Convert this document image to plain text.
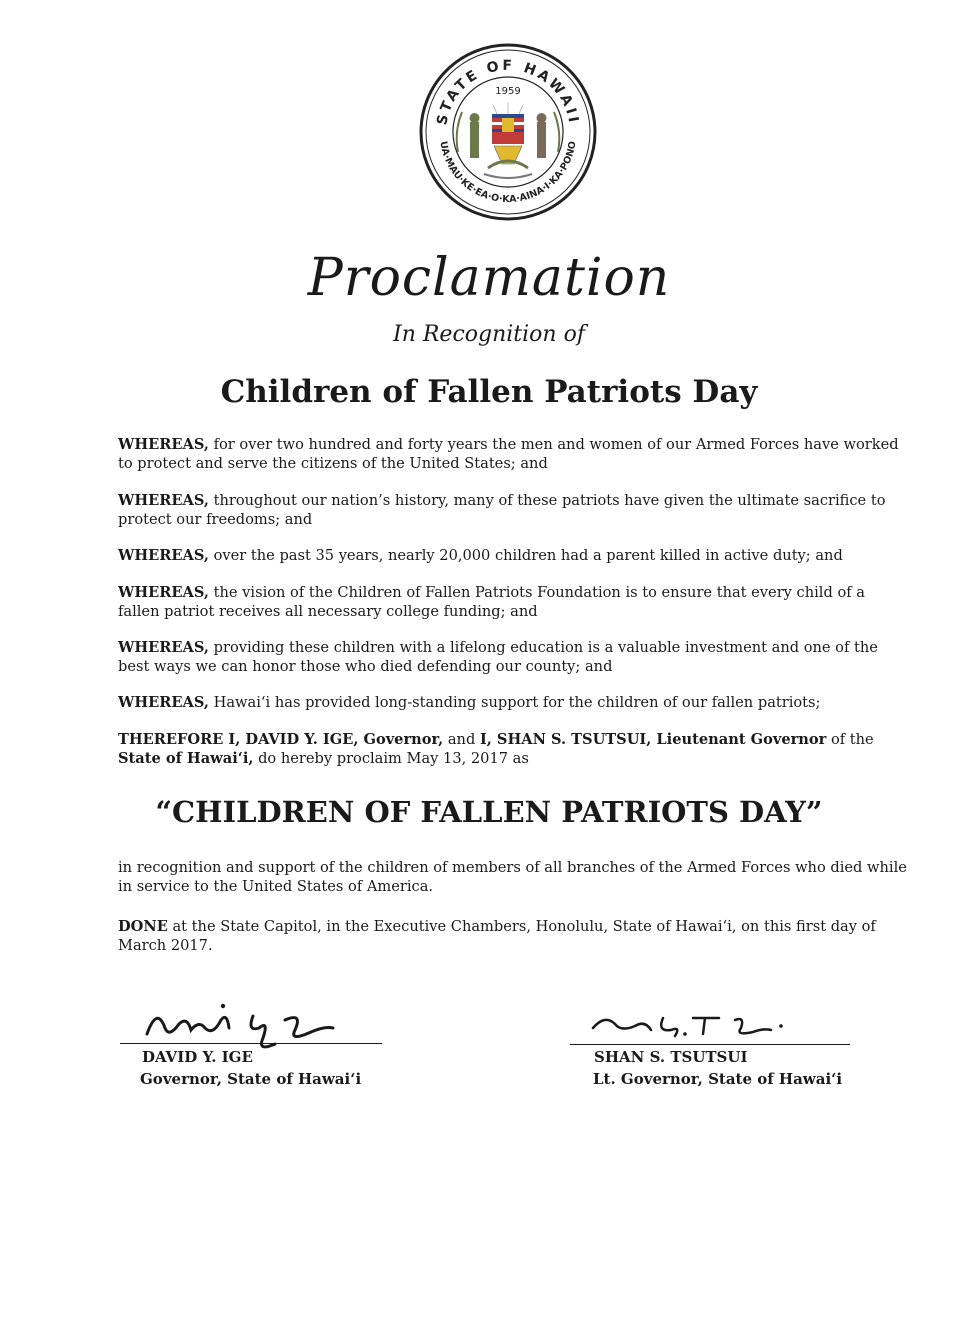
STATE OF HAWAII
UA·MAU·KE·EA·O·KA·AINA·I·KA·PONO
1959
Proclamation
In Recognition of
Children of Fallen Patriots Day

WHEREAS, for over two hundred and forty years the men and women of our Armed Forces have worked to protect and serve the citizens of the United States; and

WHEREAS, throughout our nation’s history, many of these patriots have given the ultimate sacrifice to protect our freedoms; and

WHEREAS, over the past 35 years, nearly 20,000 children had a parent killed in active duty; and

WHEREAS, the vision of the Children of Fallen Patriots Foundation is to ensure that every child of a fallen patriot receives all necessary college funding; and

WHEREAS, providing these children with a lifelong education is a valuable investment and one of the best ways we can honor those who died defending our county; and

WHEREAS, Hawai‘i has provided long-standing support for the children of our fallen patriots;

THEREFORE I, DAVID Y. IGE, Governor, and I, SHAN S. TSUTSUI, Lieutenant Governor of the State of Hawai‘i, do hereby proclaim May 13, 2017 as

“CHILDREN OF FALLEN PATRIOTS DAY”

in recognition and support of the children of members of all branches of the Armed Forces who died while in service to the United States of America.

DONE at the State Capitol, in the Executive Chambers, Honolulu, State of Hawai‘i, on this first day of March 2017.

DAVID Y. IGE
Governor, State of Hawai‘i
SHAN S. TSUTSUI
Lt. Governor, State of Hawai‘i
